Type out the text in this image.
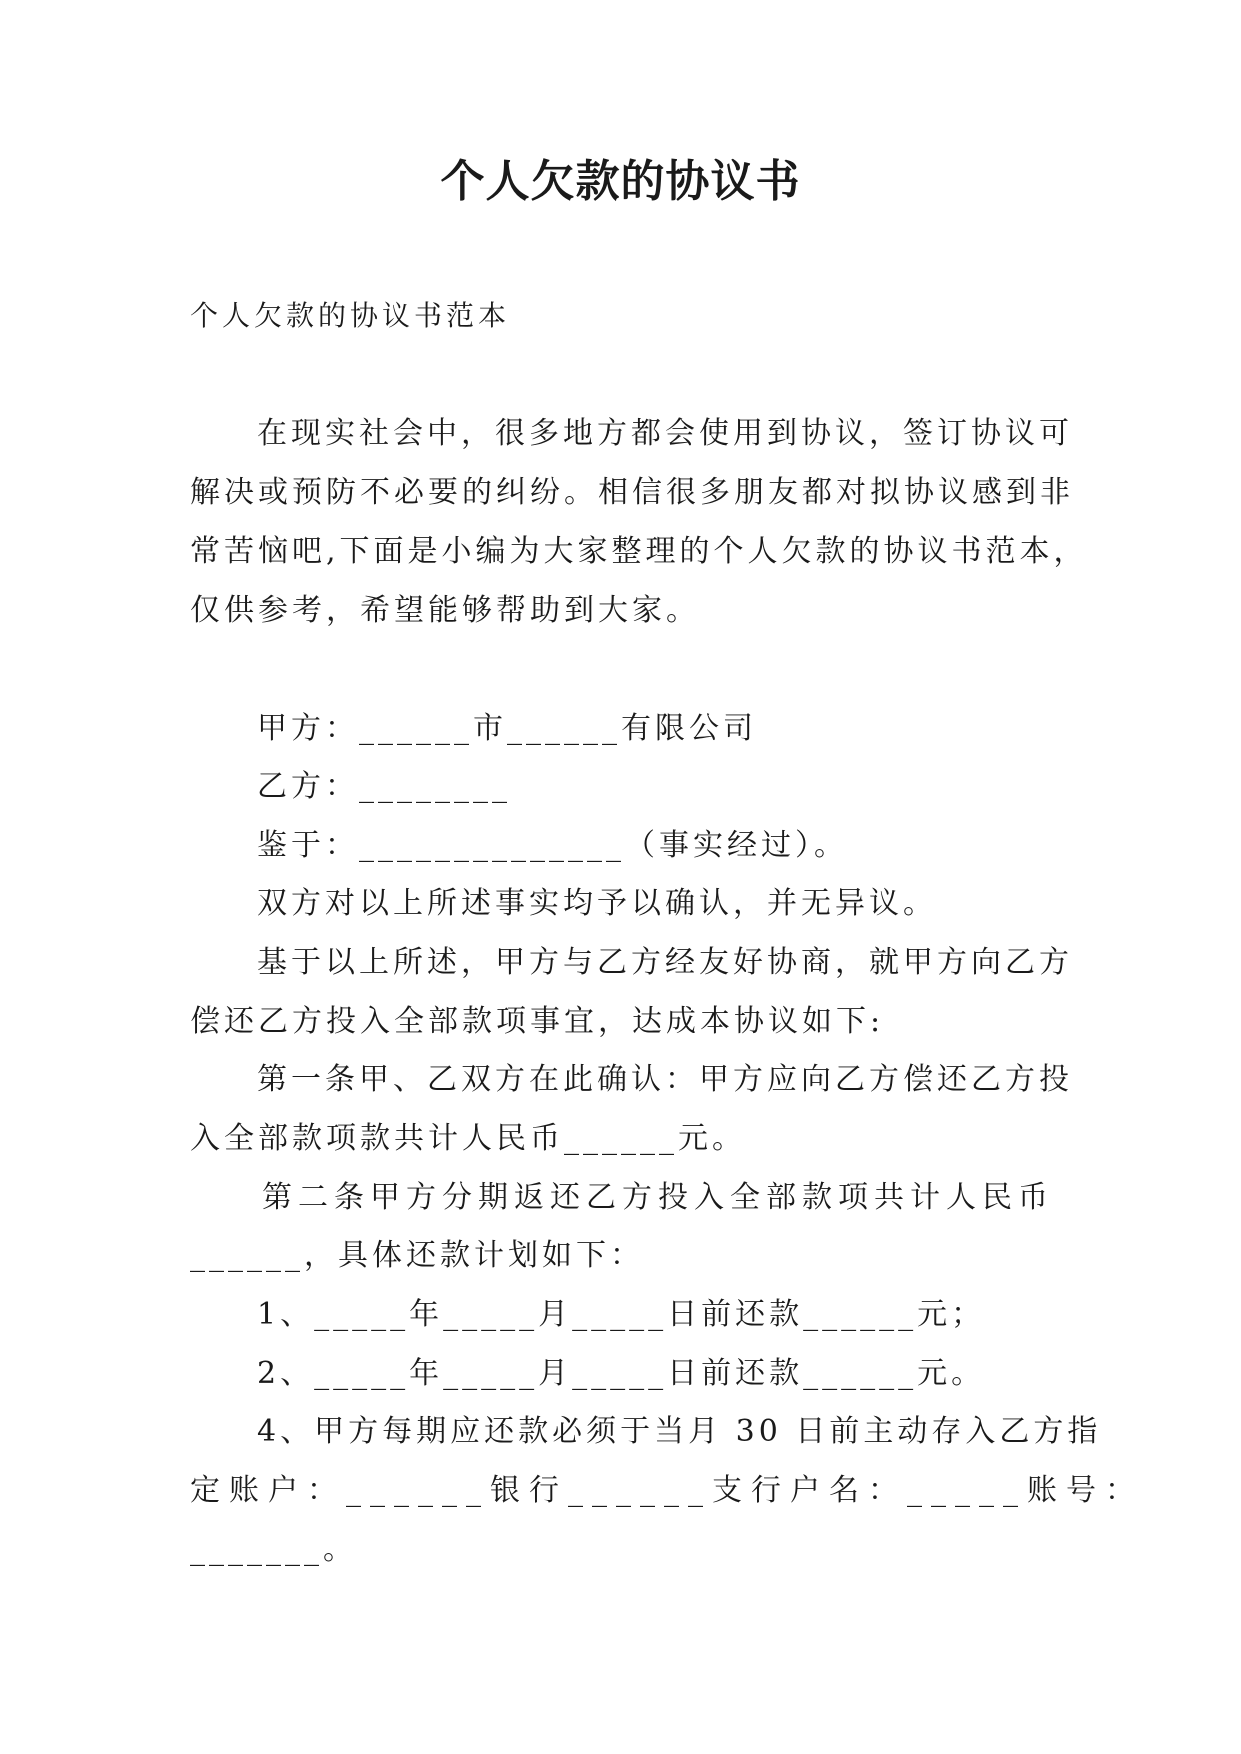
个人欠款的协议书
个人欠款的协议书范本
在现实社会中，很多地方都会使用到协议，签订协议可
解决或预防不必要的纠纷。相信很多朋友都对拟协议感到非
常苦恼吧,下面是小编为大家整理的个人欠款的协议书范本，
仅供参考，希望能够帮助到大家。
甲方：______市______有限公司
乙方：________
鉴于：______________（事实经过）。
双方对以上所述事实均予以确认，并无异议。
基于以上所述，甲方与乙方经友好协商，就甲方向乙方
偿还乙方投入全部款项事宜，达成本协议如下:
第一条甲、乙双方在此确认：甲方应向乙方偿还乙方投
入全部款项款共计人民币______元。
第二条甲方分期返还乙方投入全部款项共计人民币
______，具体还款计划如下：
1、_____年_____月_____日前还款______元；
2、_____年_____月_____日前还款______元。
4、甲方每期应还款必须于当月 30 日前主动存入乙方指
定账户：______银行______支行户名：_____账号：
_______。
